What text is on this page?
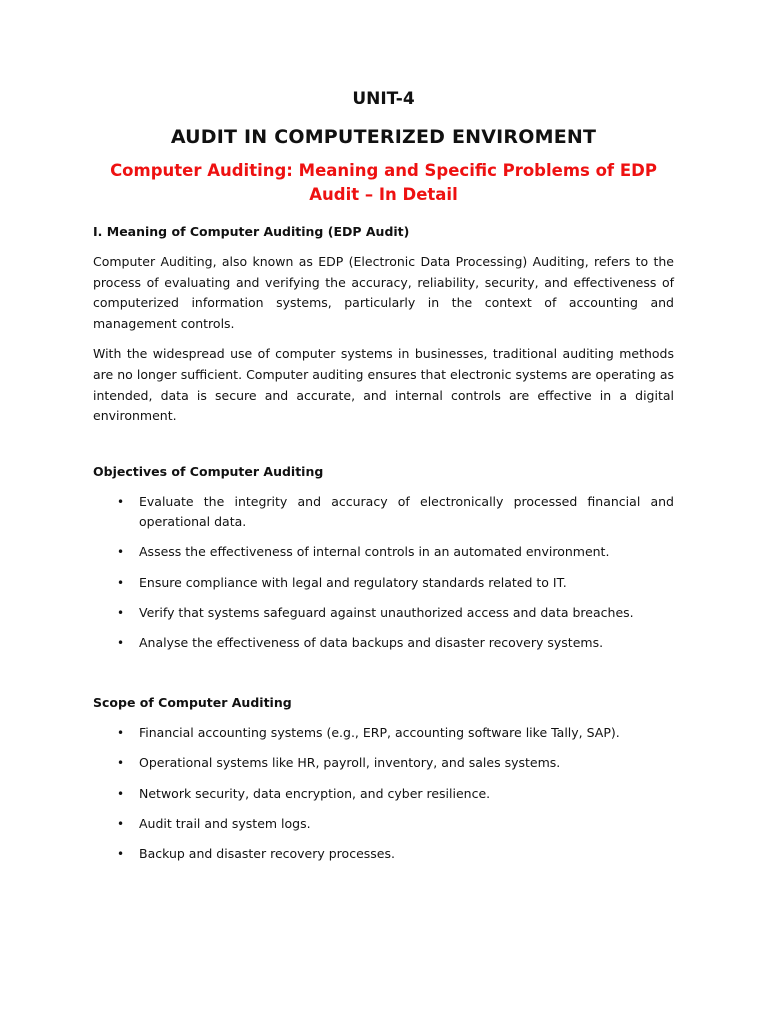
UNIT-4
AUDIT IN COMPUTERIZED ENVIROMENT
Computer Auditing: Meaning and Specific Problems of EDP Audit – In Detail
I. Meaning of Computer Auditing (EDP Audit)

Computer Auditing, also known as EDP (Electronic Data Processing) Auditing, refers to the process of evaluating and verifying the accuracy, reliability, security, and effectiveness of computerized information systems, particularly in the context of accounting and management controls.

With the widespread use of computer systems in businesses, traditional auditing methods are no longer sufficient. Computer auditing ensures that electronic systems are operating as intended, data is secure and accurate, and internal controls are effective in a digital environment.

Objectives of Computer Auditing
• Evaluate the integrity and accuracy of electronically processed financial and operational data.
• Assess the effectiveness of internal controls in an automated environment.
• Ensure compliance with legal and regulatory standards related to IT.
• Verify that systems safeguard against unauthorized access and data breaches.
• Analyse the effectiveness of data backups and disaster recovery systems.
Scope of Computer Auditing
• Financial accounting systems (e.g., ERP, accounting software like Tally, SAP).
• Operational systems like HR, payroll, inventory, and sales systems.
• Network security, data encryption, and cyber resilience.
• Audit trail and system logs.
• Backup and disaster recovery processes.
